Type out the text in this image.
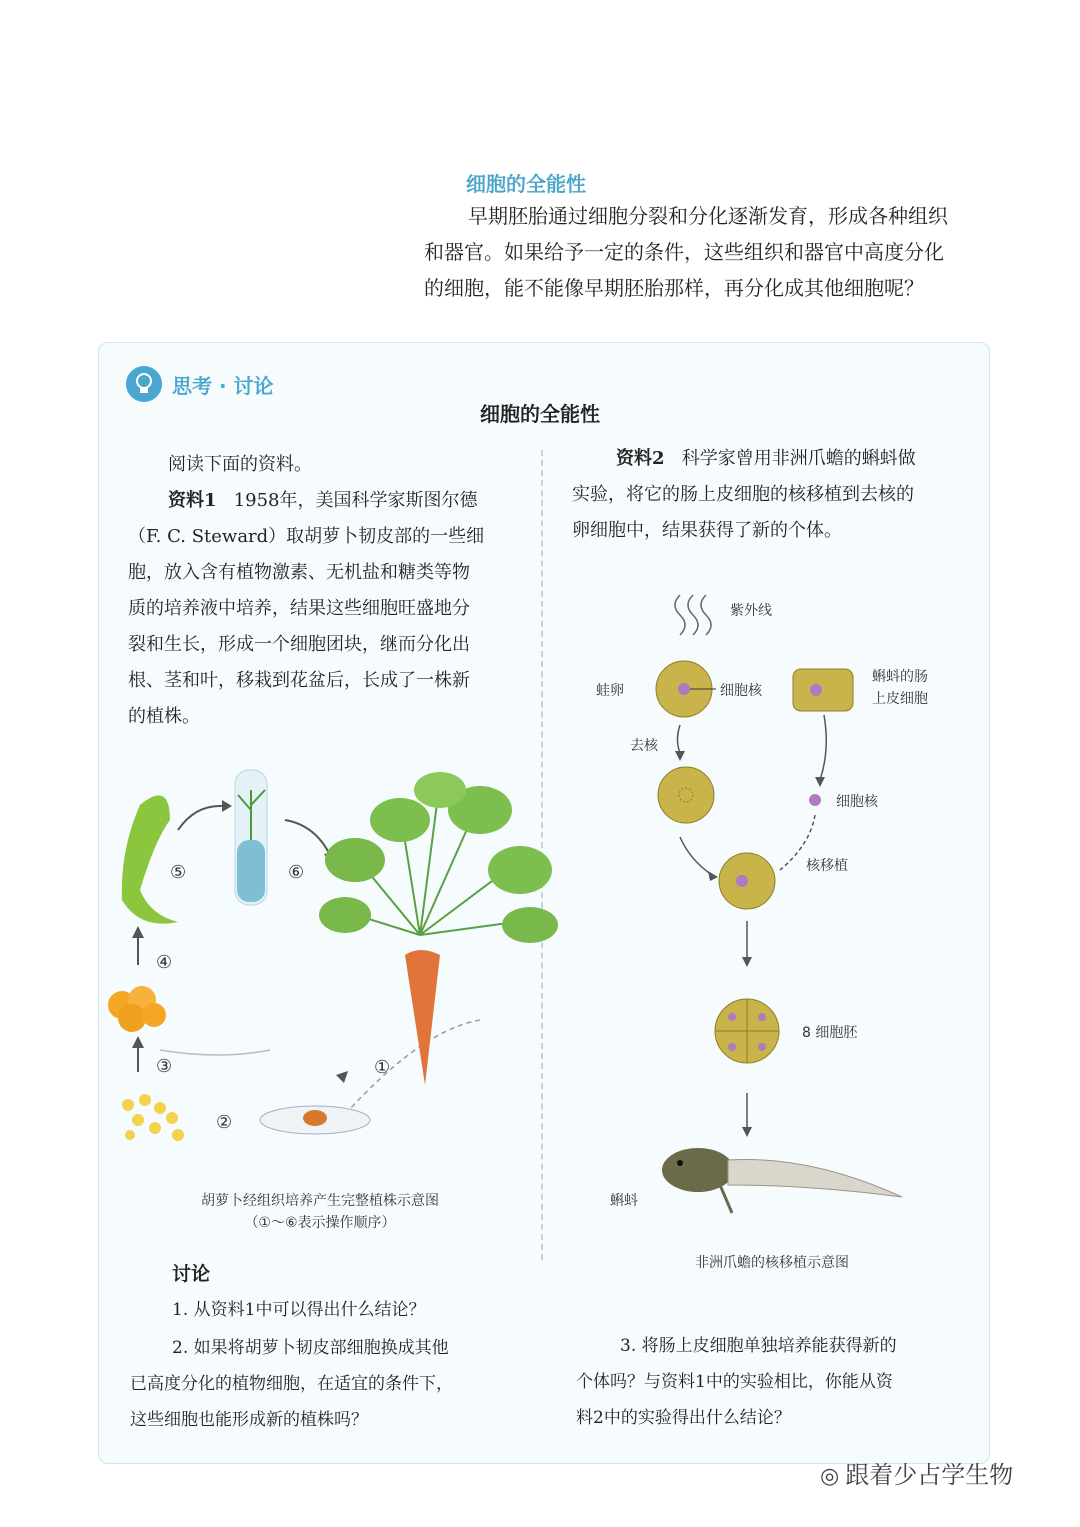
细胞的全能性
早期胚胎通过细胞分裂和分化逐渐发育，形成各种组织
和器官。如果给予一定的条件，这些组织和器官中高度分化
的细胞，能不能像早期胚胎那样，再分化成其他细胞呢？
思考 · 讨论
细胞的全能性
阅读下面的资料。
资料1 1958年，美国科学家斯图尔德
（F. C. Steward）取胡萝卜韧皮部的一些细
胞，放入含有植物激素、无机盐和糖类等物
质的培养液中培养，结果这些细胞旺盛地分
裂和生长，形成一个细胞团块，继而分化出
根、茎和叶，移栽到花盆后，长成了一株新
的植株。
资料2 科学家曾用非洲爪蟾的蝌蚪做
实验，将它的肠上皮细胞的核移植到去核的
卵细胞中，结果获得了新的个体。
⑤	⑥
④
③
②
①
胡萝卜经组织培养产生完整植株示意图
（①～⑥表示操作顺序）
紫外线
蛙卵	细胞核
蝌蚪的肠
上皮细胞
去核
细胞核
核移植
8 细胞胚
蝌蚪
非洲爪蟾的核移植示意图
讨论
1. 从资料1中可以得出什么结论？
2. 如果将胡萝卜韧皮部细胞换成其他
已高度分化的植物细胞，在适宜的条件下，
这些细胞也能形成新的植株吗？
3. 将肠上皮细胞单独培养能获得新的
个体吗？与资料1中的实验相比，你能从资
料2中的实验得出什么结论？
◎ 跟着少占学生物
